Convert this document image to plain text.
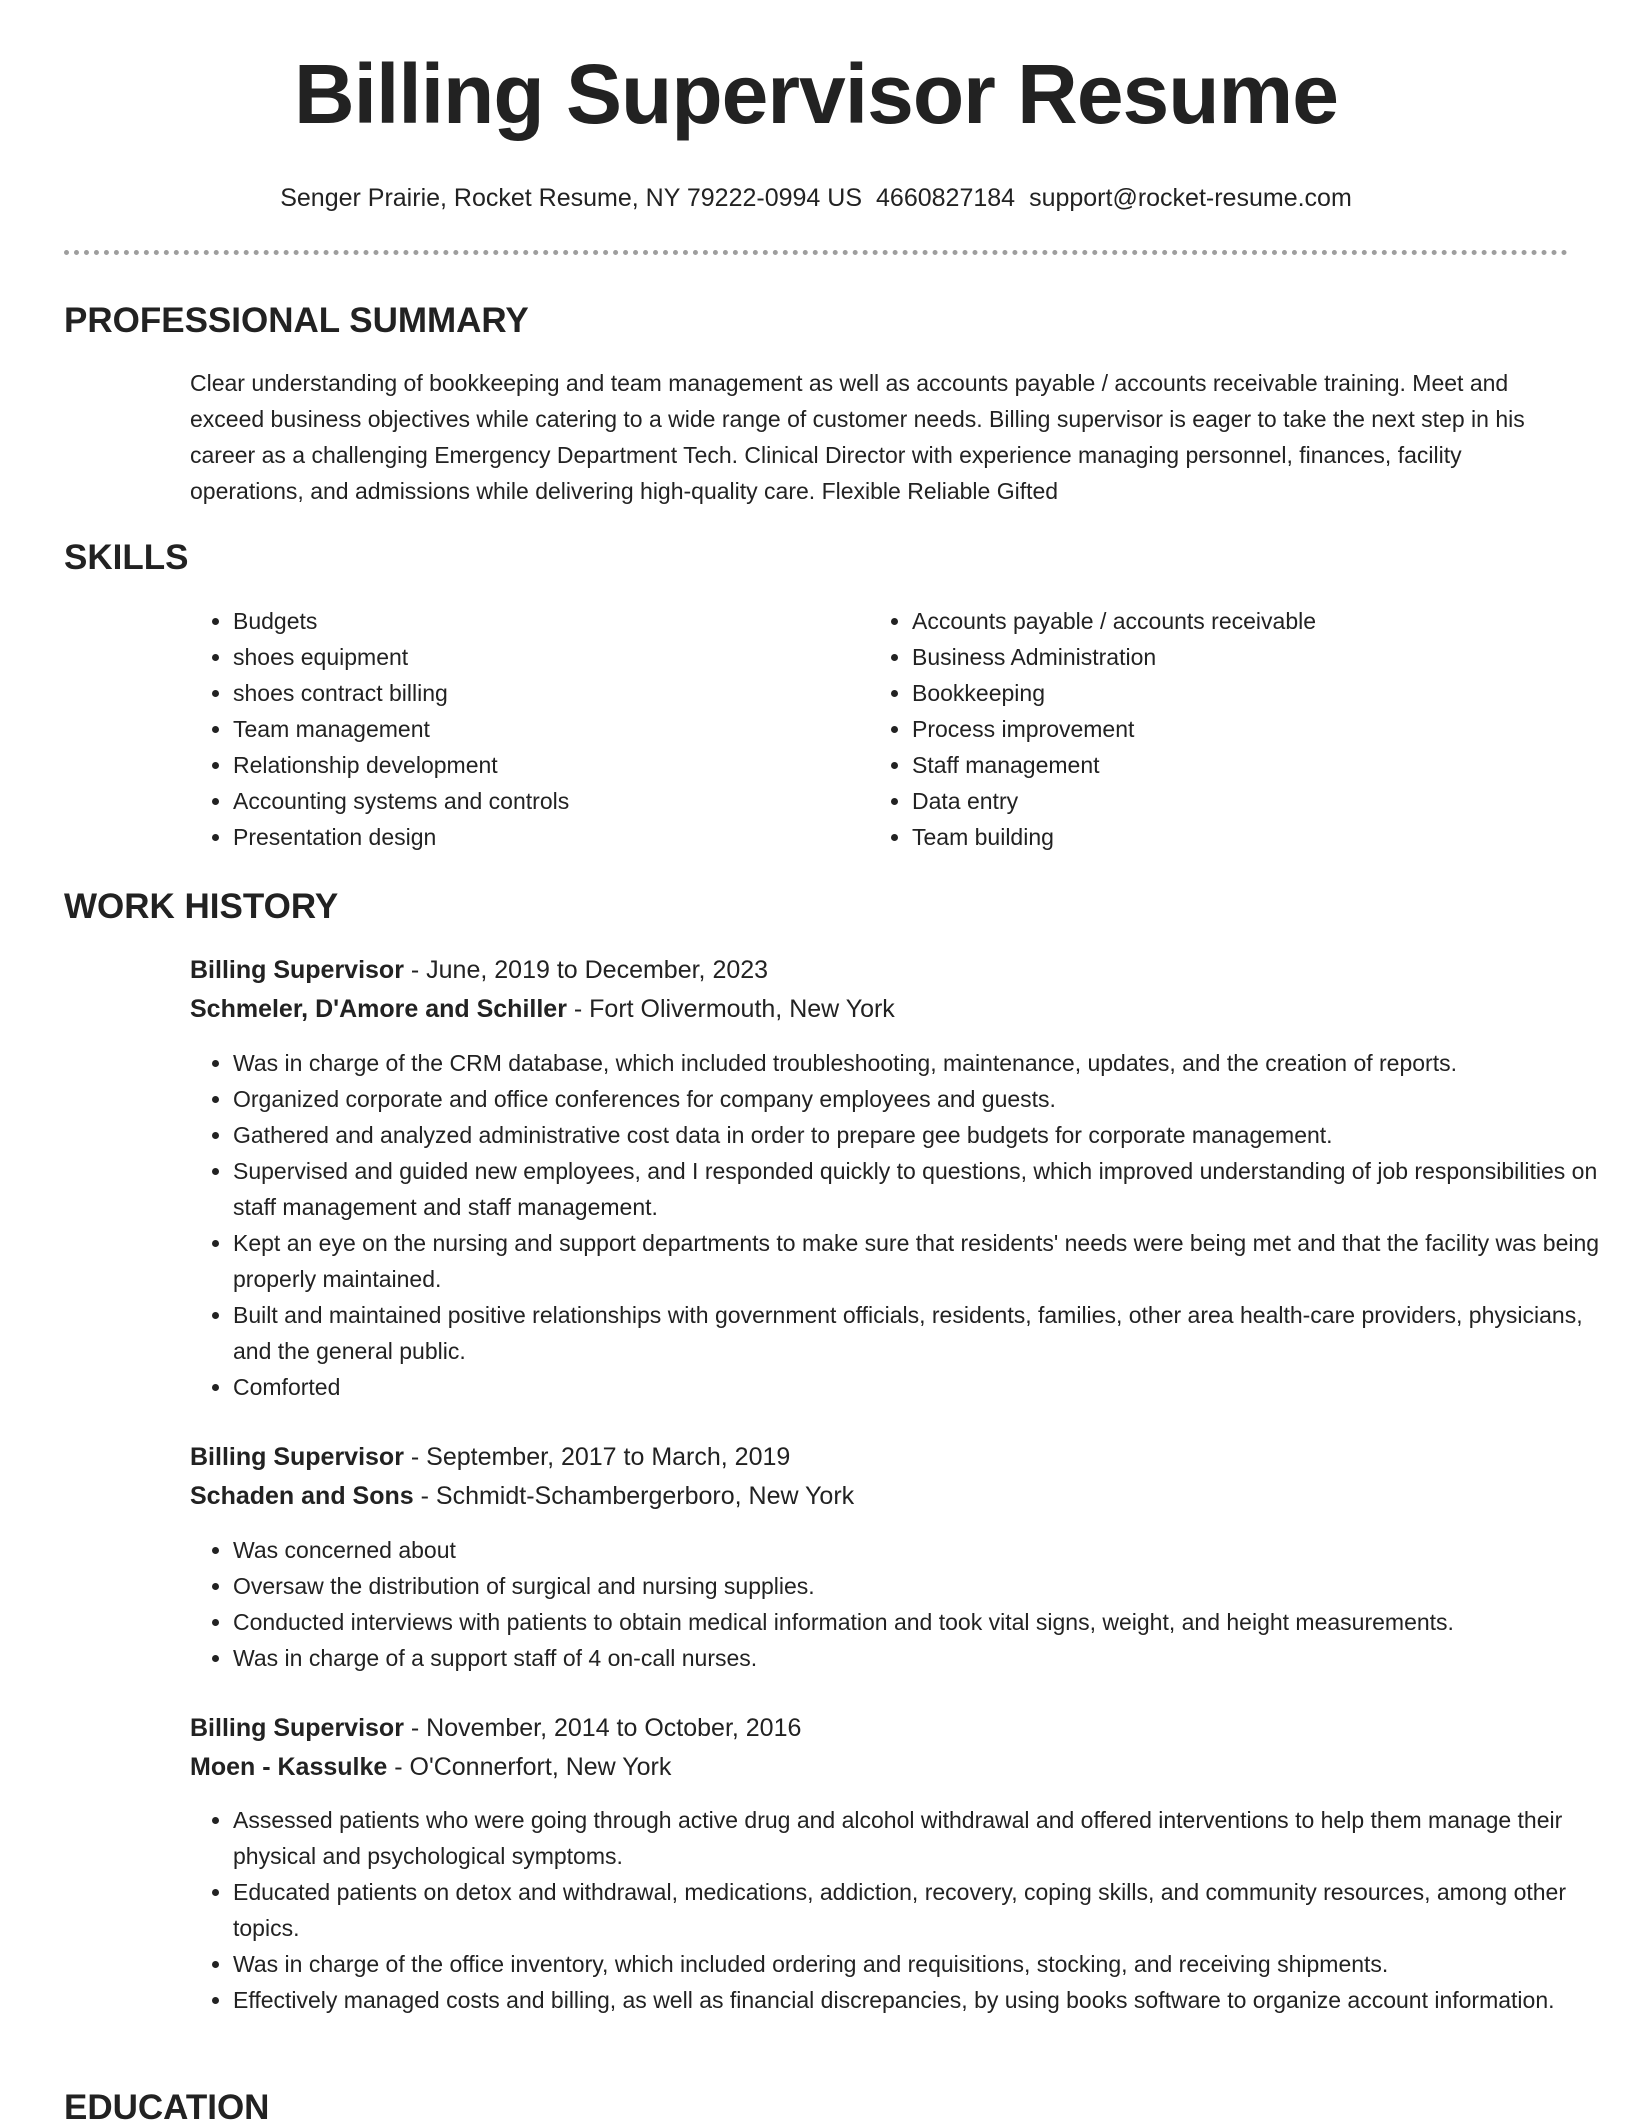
Billing Supervisor Resume
Senger Prairie, Rocket Resume, NY 79222-0994 US 4660827184 support@rocket-resume.com
PROFESSIONAL SUMMARY

Clear understanding of bookkeeping and team management as well as accounts payable / accounts receivable training. Meet and exceed business objectives while catering to a wide range of customer needs. Billing supervisor is eager to take the next step in his career as a challenging Emergency Department Tech. Clinical Director with experience managing personnel, finances, facility operations, and admissions while delivering high-quality care. Flexible Reliable Gifted

SKILLS
• Budgets
• shoes equipment
• shoes contract billing
• Team management
• Relationship development
• Accounting systems and controls
• Presentation design
• Accounts payable / accounts receivable
• Business Administration
• Bookkeeping
• Process improvement
• Staff management
• Data entry
• Team building
WORK HISTORY
Billing Supervisor - June, 2019 to December, 2023
Schmeler, D'Amore and Schiller - Fort Olivermouth, New York
• Was in charge of the CRM database, which included troubleshooting, maintenance, updates, and the creation of reports.
• Organized corporate and office conferences for company employees and guests.
• Gathered and analyzed administrative cost data in order to prepare gee budgets for corporate management.
• Supervised and guided new employees, and I responded quickly to questions, which improved understanding of job responsibilities on staff management and staff management.
• Kept an eye on the nursing and support departments to make sure that residents' needs were being met and that the facility was being properly maintained.
• Built and maintained positive relationships with government officials, residents, families, other area health-care providers, physicians, and the general public.
• Comforted
Billing Supervisor - September, 2017 to March, 2019
Schaden and Sons - Schmidt-Schambergerboro, New York
• Was concerned about
• Oversaw the distribution of surgical and nursing supplies.
• Conducted interviews with patients to obtain medical information and took vital signs, weight, and height measurements.
• Was in charge of a support staff of 4 on-call nurses.
Billing Supervisor - November, 2014 to October, 2016
Moen - Kassulke - O'Connerfort, New York
• Assessed patients who were going through active drug and alcohol withdrawal and offered interventions to help them manage their physical and psychological symptoms.
• Educated patients on detox and withdrawal, medications, addiction, recovery, coping skills, and community resources, among other topics.
• Was in charge of the office inventory, which included ordering and requisitions, stocking, and receiving shipments.
• Effectively managed costs and billing, as well as financial discrepancies, by using books software to organize account information.
EDUCATION
